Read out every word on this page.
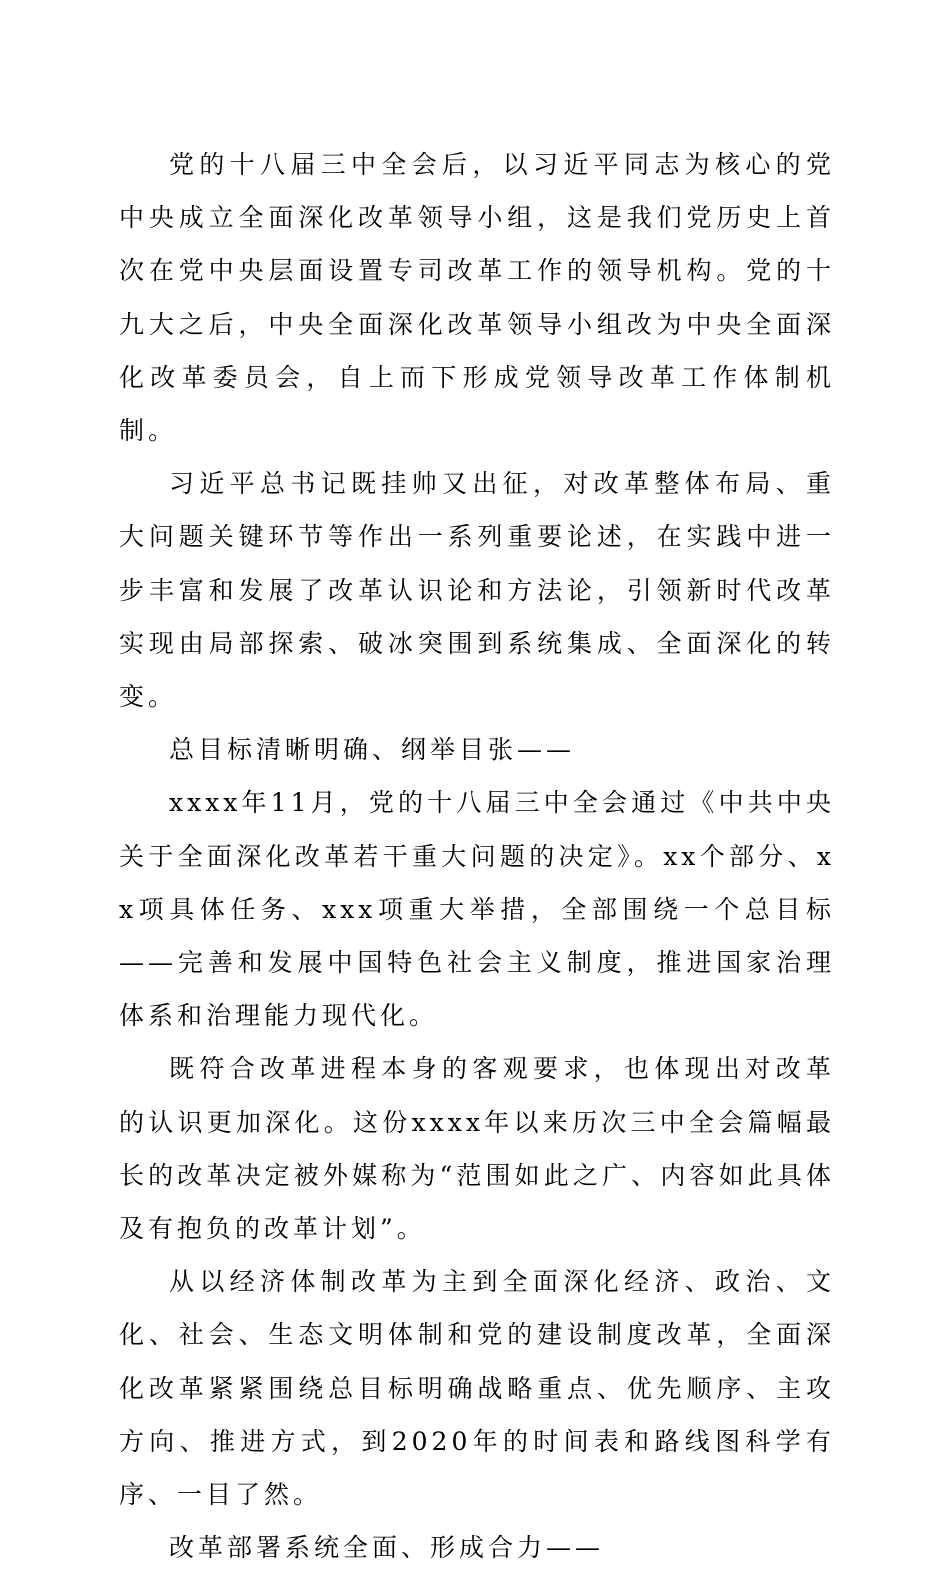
党的十八届三中全会后，以习近平同志为核心的党中央成立全面深化改革领导小组，这是我们党历史上首次在党中央层面设置专司改革工作的领导机构。党的十九大之后，中央全面深化改革领导小组改为中央全面深化改革委员会，自上而下形成党领导改革工作体制机制。

习近平总书记既挂帅又出征，对改革整体布局、重大问题关键环节等作出一系列重要论述，在实践中进一步丰富和发展了改革认识论和方法论，引领新时代改革实现由局部探索、破冰突围到系统集成、全面深化的转变。

总目标清晰明确、纲举目张——

xxxx年11月，党的十八届三中全会通过《中共中央关于全面深化改革若干重大问题的决定》。xx个部分、xx项具体任务、xxx项重大举措，全部围绕一个总目标——完善和发展中国特色社会主义制度，推进国家治理体系和治理能力现代化。

既符合改革进程本身的客观要求，也体现出对改革的认识更加深化。这份xxxx年以来历次三中全会篇幅最长的改革决定被外媒称为“范围如此之广、内容如此具体及有抱负的改革计划”。

从以经济体制改革为主到全面深化经济、政治、文化、社会、生态文明体制和党的建设制度改革，全面深化改革紧紧围绕总目标明确战略重点、优先顺序、主攻方向、推进方式，到2020年的时间表和路线图科学有序、一目了然。

改革部署系统全面、形成合力——
